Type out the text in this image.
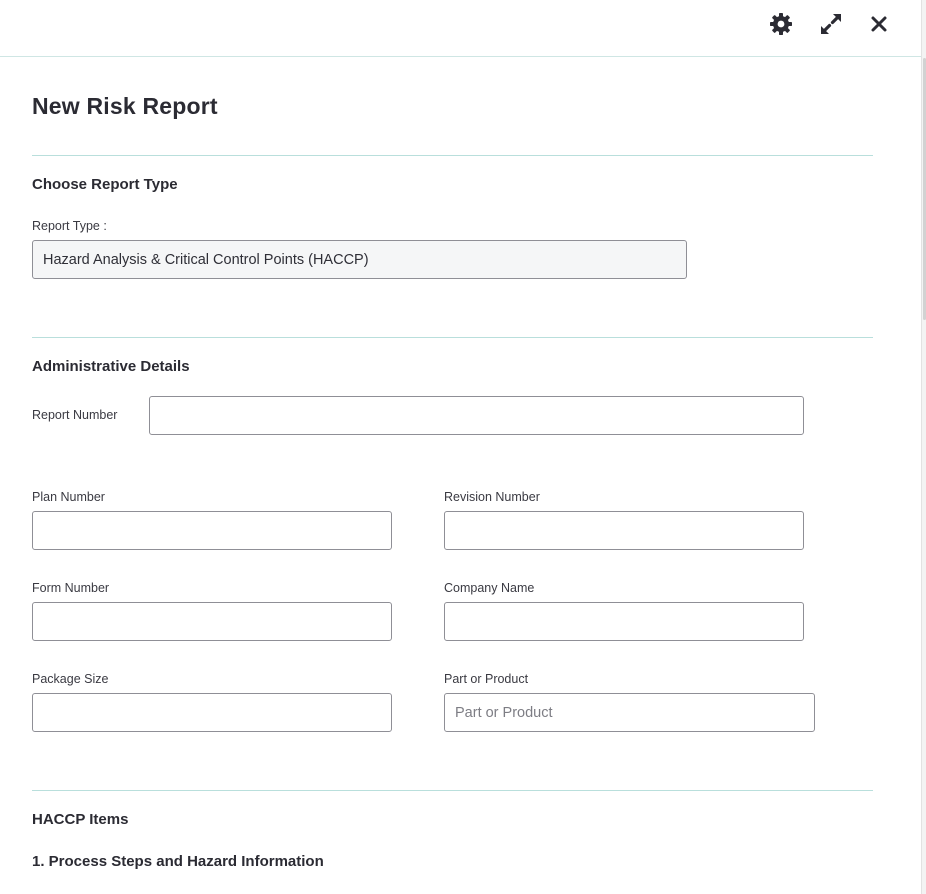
New Risk Report
Choose Report Type
Report Type :
Hazard Analysis & Critical Control Points (HACCP)
Administrative Details
Report Number
Plan Number	Revision Number
Form Number	Company Name
Package Size	Part or Product
Part or Product
HACCP Items
1. Process Steps and Hazard Information
